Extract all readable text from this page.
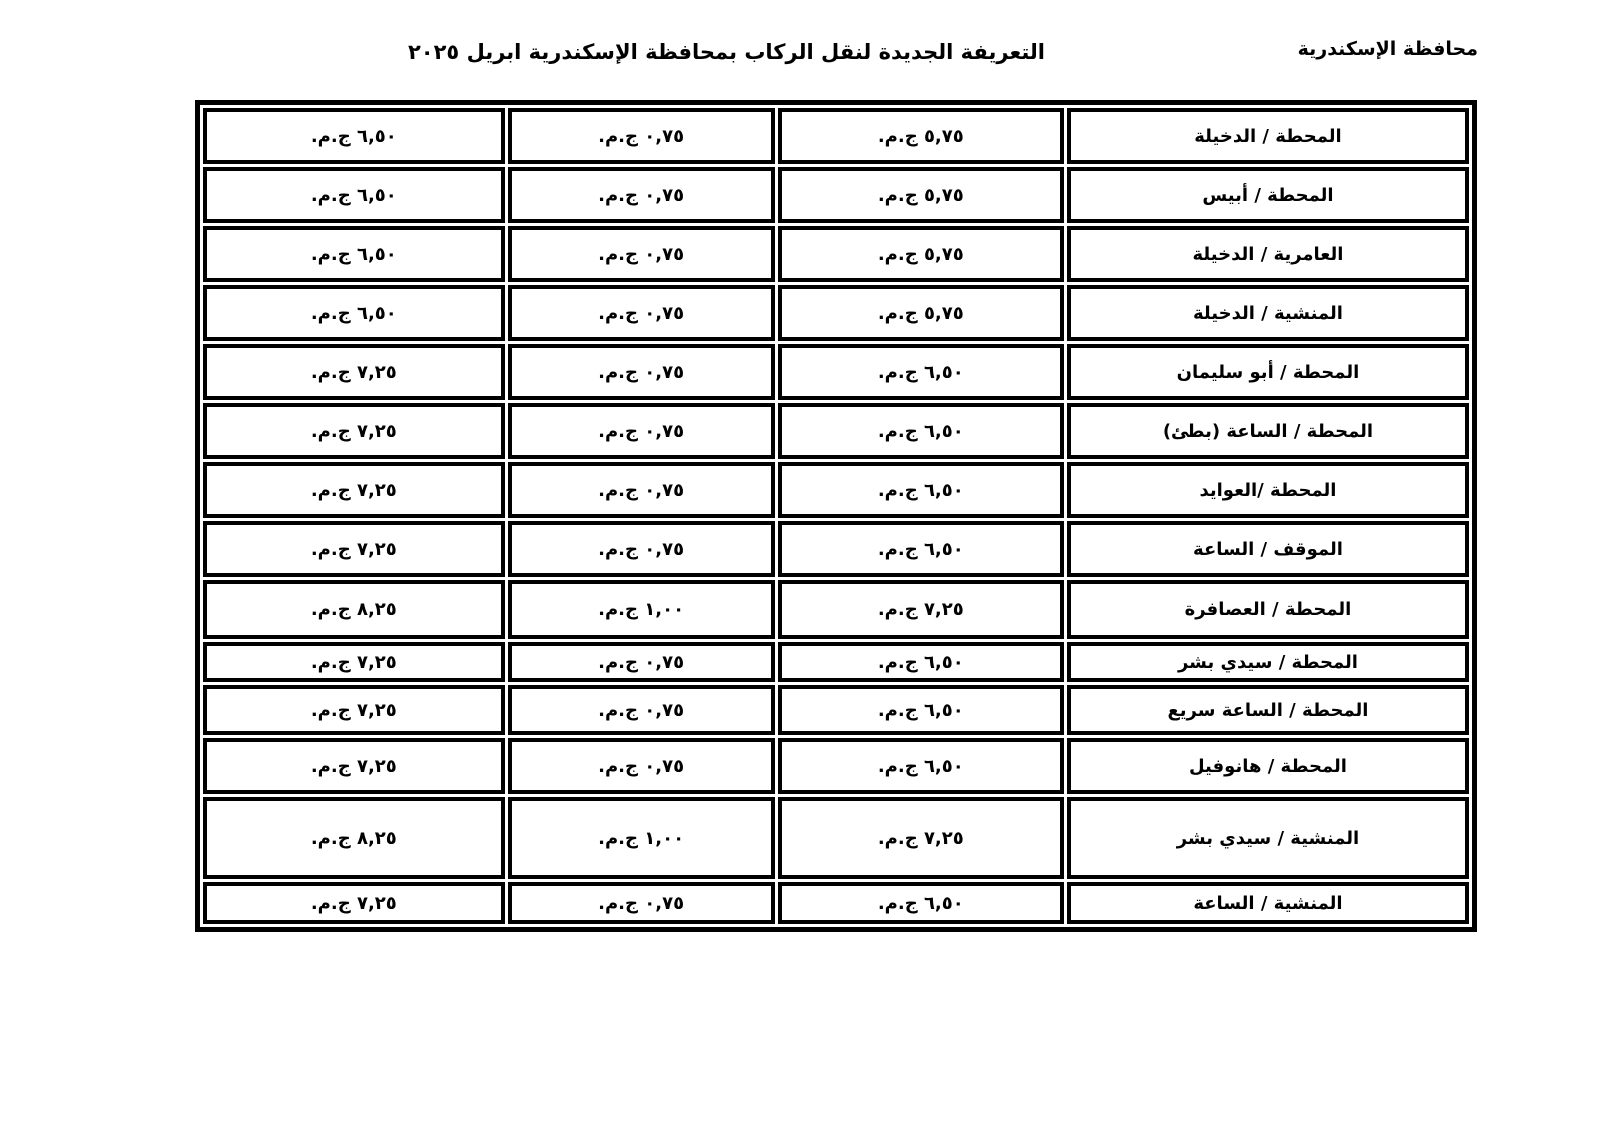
محافظة الإسكندرية
التعريفة الجديدة لنقل الركاب بمحافظة الإسكندرية ابريل ٢٠٢٥
المحطة / الدخيلة	٥,٧٥ ج.م.	٠,٧٥ ج.م.	٦,٥٠ ج.م.
المحطة / أبيس	٥,٧٥ ج.م.	٠,٧٥ ج.م.	٦,٥٠ ج.م.
العامرية / الدخيلة	٥,٧٥ ج.م.	٠,٧٥ ج.م.	٦,٥٠ ج.م.
المنشية / الدخيلة	٥,٧٥ ج.م.	٠,٧٥ ج.م.	٦,٥٠ ج.م.
المحطة / أبو سليمان	٦,٥٠ ج.م.	٠,٧٥ ج.م.	٧,٢٥ ج.م.
المحطة / الساعة (بطئ)	٦,٥٠ ج.م.	٠,٧٥ ج.م.	٧,٢٥ ج.م.
المحطة /العوايد	٦,٥٠ ج.م.	٠,٧٥ ج.م.	٧,٢٥ ج.م.
الموقف / الساعة	٦,٥٠ ج.م.	٠,٧٥ ج.م.	٧,٢٥ ج.م.
المحطة / العصافرة	٧,٢٥ ج.م.	١,٠٠ ج.م.	٨,٢٥ ج.م.
المحطة / سيدي بشر	٦,٥٠ ج.م.	٠,٧٥ ج.م.	٧,٢٥ ج.م.
المحطة / الساعة سريع	٦,٥٠ ج.م.	٠,٧٥ ج.م.	٧,٢٥ ج.م.
المحطة / هانوفيل	٦,٥٠ ج.م.	٠,٧٥ ج.م.	٧,٢٥ ج.م.
المنشية / سيدي بشر	٧,٢٥ ج.م.	١,٠٠ ج.م.	٨,٢٥ ج.م.
المنشية / الساعة	٦,٥٠ ج.م.	٠,٧٥ ج.م.	٧,٢٥ ج.م.
